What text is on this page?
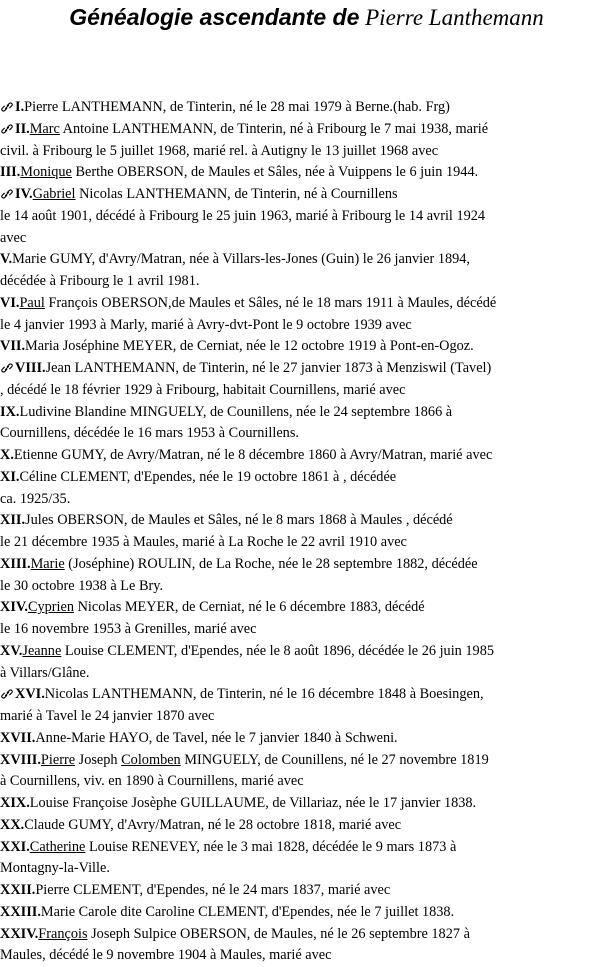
Généalogie ascendante de Pierre Lanthemann
I.Pierre LANTHEMANN, de Tinterin, né le 28 mai 1979 à Berne.(hab. Frg)
II.Marc Antoine LANTHEMANN, de Tinterin, né à Fribourg le 7 mai 1938, marié
civil. à Fribourg le 5 juillet 1968, marié rel. à Autigny le 13 juillet 1968 avec
III.Monique Berthe OBERSON, de Maules et Sâles, née à Vuippens le 6 juin 1944.
IV.Gabriel Nicolas LANTHEMANN, de Tinterin, né à Cournillens
le 14 août 1901, décédé à Fribourg le 25 juin 1963, marié à Fribourg le 14 avril 1924
avec
V.Marie GUMY, d'Avry/Matran, née à Villars-les-Jones (Guin) le 26 janvier 1894,
décédée à Fribourg le 1 avril 1981.
VI.Paul François OBERSON,de Maules et Sâles, né le 18 mars 1911 à Maules, décédé
le 4 janvier 1993 à Marly, marié à Avry-dvt-Pont le 9 octobre 1939 avec
VII.Maria Joséphine MEYER, de Cerniat, née le 12 octobre 1919 à Pont-en-Ogoz.
VIII.Jean LANTHEMANN, de Tinterin, né le 27 janvier 1873 à Menziswil (Tavel)
, décédé le 18 février 1929 à Fribourg, habitait Cournillens, marié avec
IX.Ludivine Blandine MINGUELY, de Counillens, née le 24 septembre 1866 à
Cournillens, décédée le 16 mars 1953 à Cournillens.
X.Etienne GUMY, de Avry/Matran, né le 8 décembre 1860 à Avry/Matran, marié avec
XI.Céline CLEMENT, d'Ependes, née le 19 octobre 1861 à , décédée
ca. 1925/35.
XII.Jules OBERSON, de Maules et Sâles, né le 8 mars 1868 à Maules , décédé
le 21 décembre 1935 à Maules, marié à La Roche le 22 avril 1910 avec
XIII.Marie (Joséphine) ROULIN, de La Roche, née le 28 septembre 1882, décédée
le 30 octobre 1938 à Le Bry.
XIV.Cyprien Nicolas MEYER, de Cerniat, né le 6 décembre 1883, décédé
le 16 novembre 1953 à Grenilles, marié avec
XV.Jeanne Louise CLEMENT, d'Ependes, née le 8 août 1896, décédée le 26 juin 1985
à Villars/Glâne.
XVI.Nicolas LANTHEMANN, de Tinterin, né le 16 décembre 1848 à Boesingen,
marié à Tavel le 24 janvier 1870 avec
XVII.Anne-Marie HAYO, de Tavel, née le 7 janvier 1840 à Schweni.
XVIII.Pierre Joseph Colomben MINGUELY, de Counillens, né le 27 novembre 1819
à Cournillens, viv. en 1890 à Cournillens, marié avec
XIX.Louise Françoise Josèphe GUILLAUME, de Villariaz, née le 17 janvier 1838.
XX.Claude GUMY, d'Avry/Matran, né le 28 octobre 1818, marié avec
XXI.Catherine Louise RENEVEY, née le 3 mai 1828, décédée le 9 mars 1873 à
Montagny-la-Ville.
XXII.Pierre CLEMENT, d'Ependes, né le 24 mars 1837, marié avec
XXIII.Marie Carole dite Caroline CLEMENT, d'Ependes, née le 7 juillet 1838.
XXIV.François Joseph Sulpice OBERSON, de Maules, né le 26 septembre 1827 à
Maules, décédé le 9 novembre 1904 à Maules, marié avec
